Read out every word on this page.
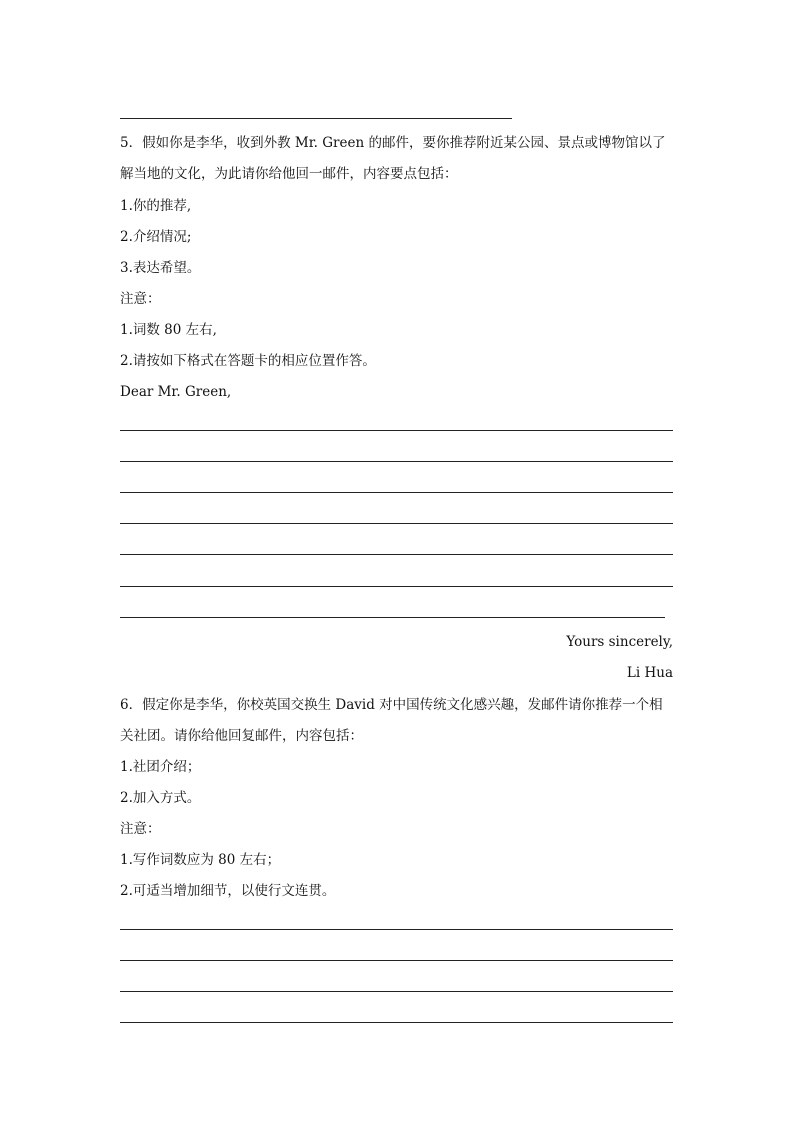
5．假如你是李华，收到外教 Mr. Green 的邮件，要你推荐附近某公园、景点或博物馆以了
解当地的文化，为此请你给他回一邮件，内容要点包括：
1.你的推荐,
2.介绍情况;
3.表达希望。
注意：
1.词数 80 左右,
2.请按如下格式在答题卡的相应位置作答。
Dear Mr. Green,
Yours sincerely,
Li Hua
6．假定你是李华，你校英国交换生 David 对中国传统文化感兴趣，发邮件请你推荐一个相
关社团。请你给他回复邮件，内容包括：
1.社团介绍；
2.加入方式。
注意：
1.写作词数应为 80 左右；
2.可适当增加细节，以使行文连贯。
